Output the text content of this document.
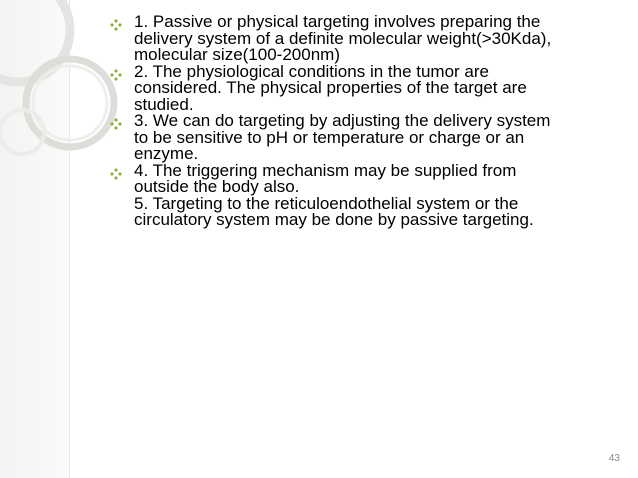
1. Passive or physical targeting involves preparing the
delivery system of a definite molecular weight(>30Kda),
molecular size(100-200nm)
2. The physiological conditions in the tumor are
considered. The physical properties of the target are
studied.
3. We can do targeting by adjusting the delivery system
to be sensitive to pH or temperature or charge or an
enzyme.
4. The triggering mechanism may be supplied from
outside the body also.
5. Targeting to the reticuloendothelial system or the
circulatory system may be done by passive targeting.
43
